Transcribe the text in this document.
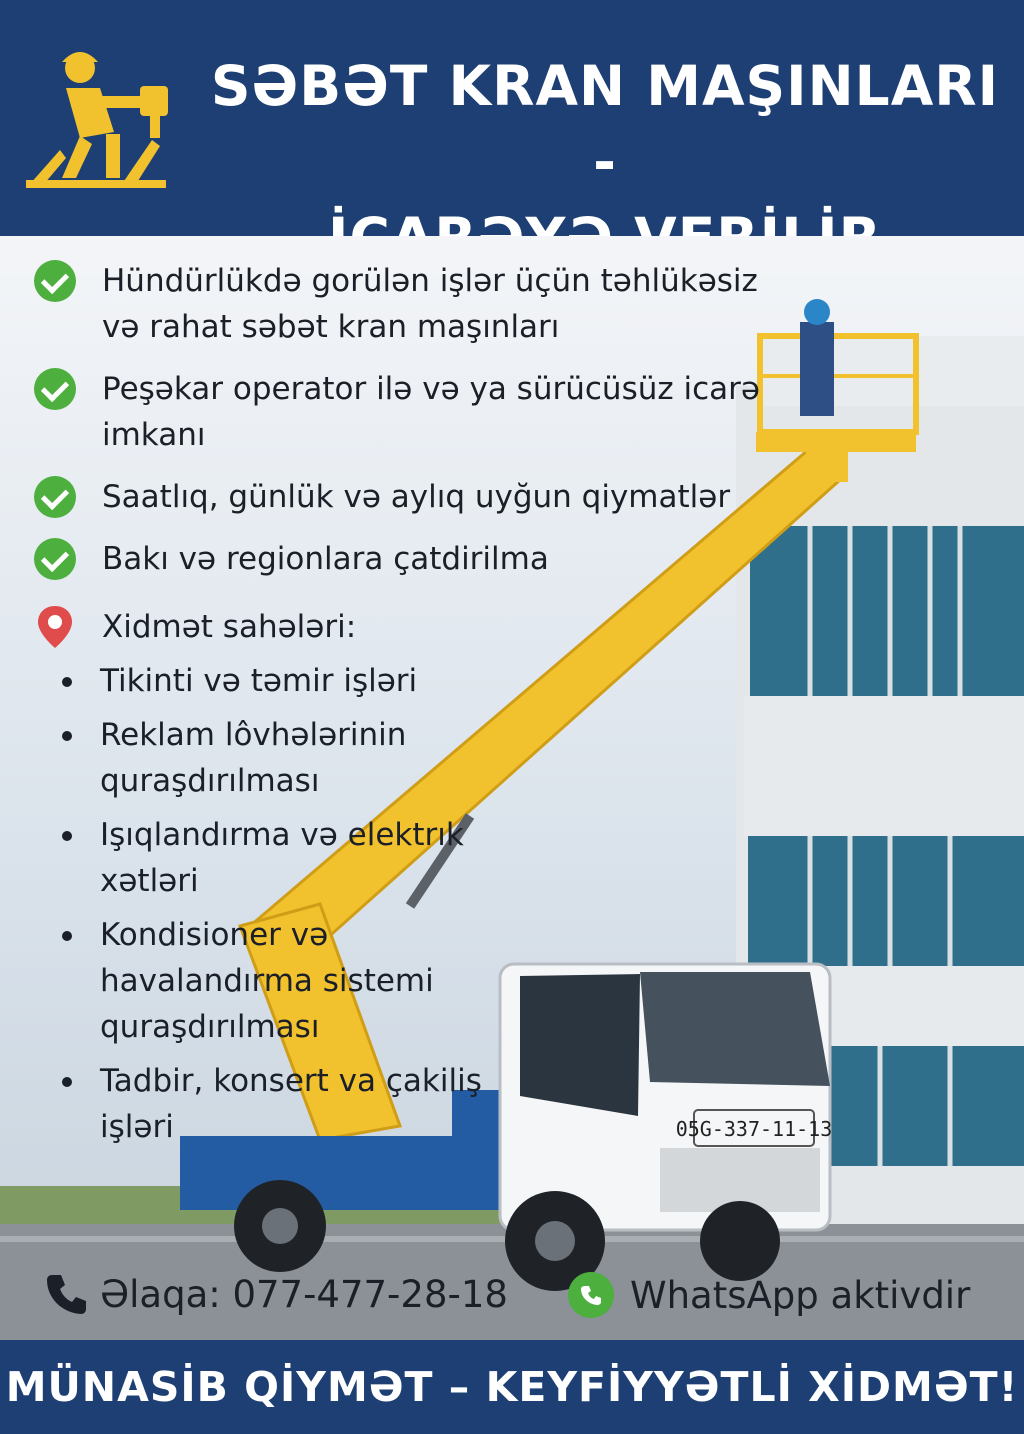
SƏBƏT KRAN MAŞINLARI -
05G-337-11-13
Hündürlükdə gorülən işlər üçün təhlükəsiz və rahat səbət kran maşınları
Peşəkar operator ilə və ya sürücüsüz icarə imkanı
Saatlıq, günlük və aylıq uyğun qiymatlər
Bakı və regionlara çatdirilma
Xidmət sahələri:
Tikinti və təmir işləri
Reklam lôvhələrinin quraşdırılması
Işıqlandırma və elektrık xətləri
Kondisioner və havalandırma sistemi quraşdırılması
Tadbir, konsert va çakiliş işləri
Əlaqa: 077-477-28-18	WhatsApp aktivdir
MÜNASİB QİYMƏT – KEYFİYYƏTLİ XİDMƏT!
